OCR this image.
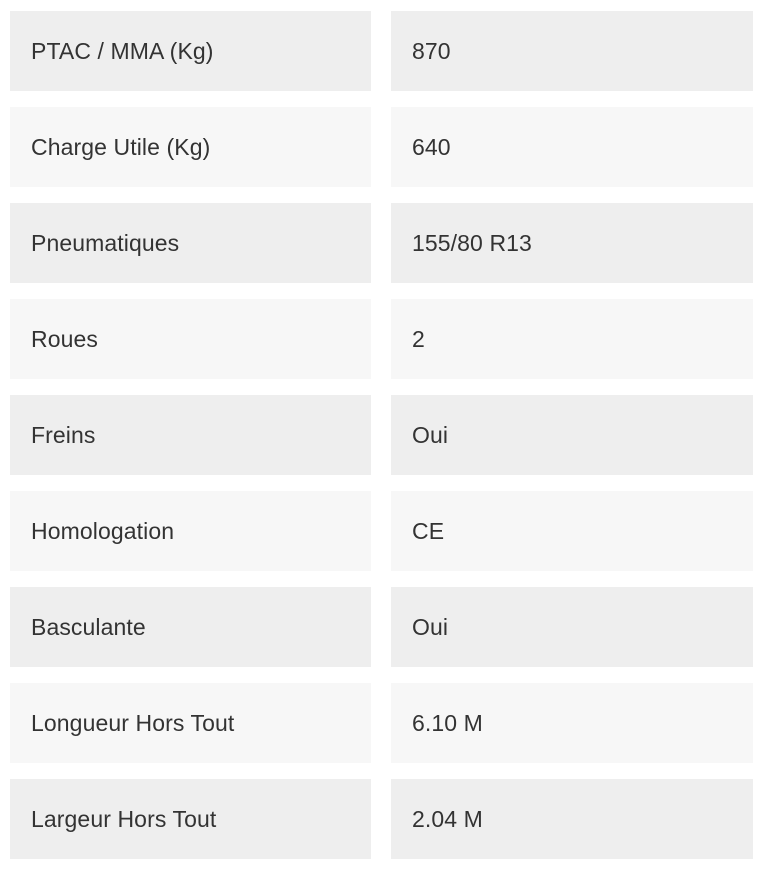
PTAC / MMA (Kg)	870
Charge Utile (Kg)	640
Pneumatiques	155/80 R13
Roues	2
Freins	Oui
Homologation	CE
Basculante	Oui
Longueur Hors Tout	6.10 M
Largeur Hors Tout	2.04 M
